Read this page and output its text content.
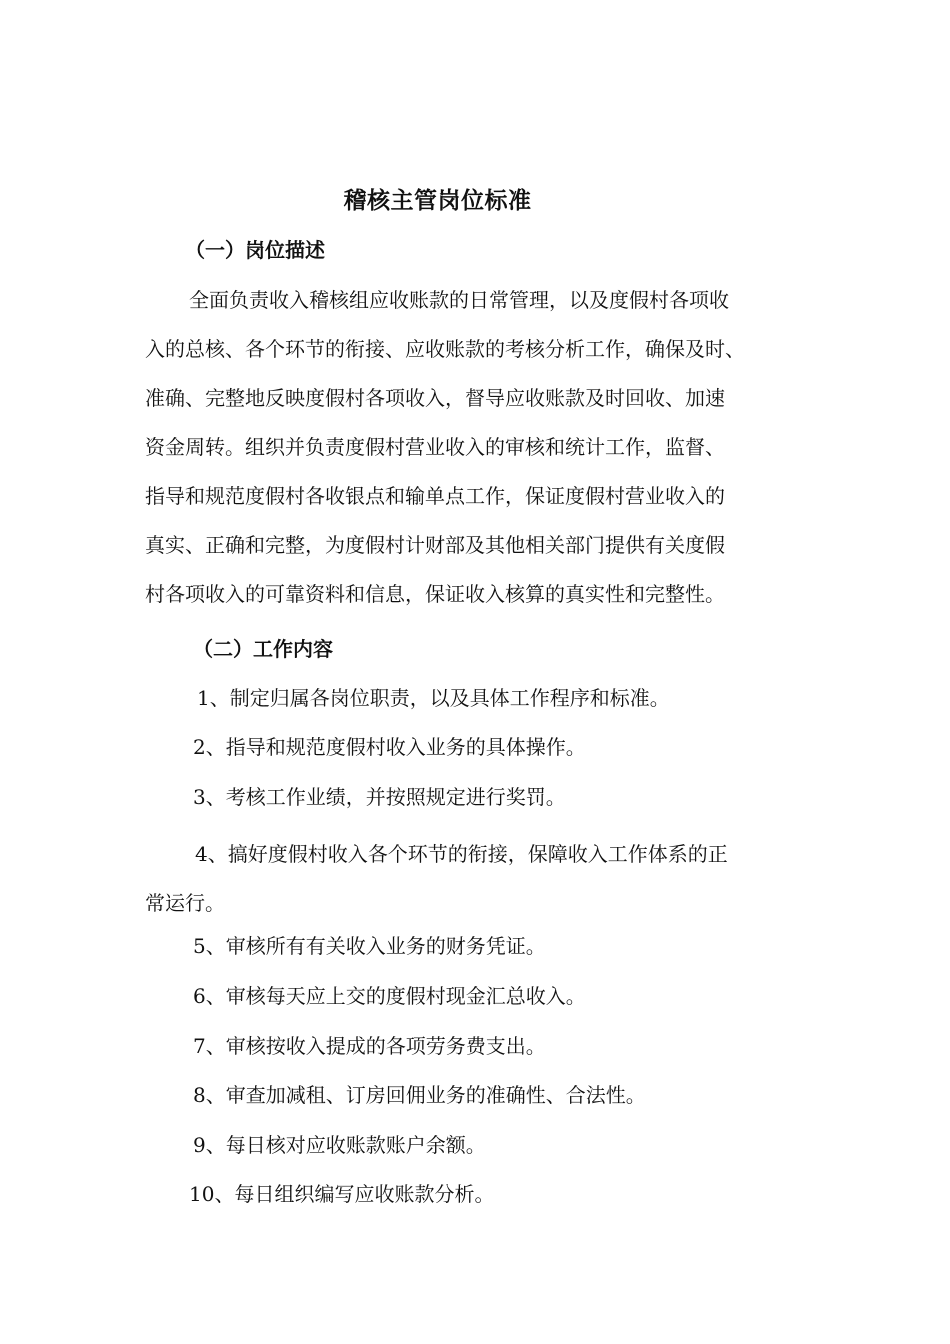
稽核主管岗位标准
（一）岗位描述
全面负责收入稽核组应收账款的日常管理，以及度假村各项收
入的总核、各个环节的衔接、应收账款的考核分析工作，确保及时、
准确、完整地反映度假村各项收入，督导应收账款及时回收、加速
资金周转。组织并负责度假村营业收入的审核和统计工作，监督、
指导和规范度假村各收银点和输单点工作，保证度假村营业收入的
真实、正确和完整，为度假村计财部及其他相关部门提供有关度假
村各项收入的可靠资料和信息，保证收入核算的真实性和完整性。
（二）工作内容
1、制定归属各岗位职责，以及具体工作程序和标准。
2、指导和规范度假村收入业务的具体操作。
3、考核工作业绩，并按照规定进行奖罚。
4、搞好度假村收入各个环节的衔接，保障收入工作体系的正
常运行。
5、审核所有有关收入业务的财务凭证。
6、审核每天应上交的度假村现金汇总收入。
7、审核按收入提成的各项劳务费支出。
8、审查加减租、订房回佣业务的准确性、合法性。
9、每日核对应收账款账户余额。
10、每日组织编写应收账款分析。
